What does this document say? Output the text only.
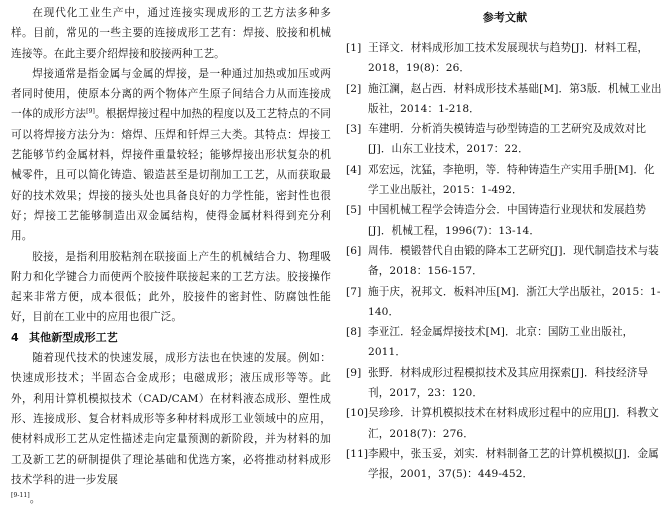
在现代化工业生产中，通过连接实现成形的工艺方法多种多样。目前，常见的一些主要的连接成形工艺有：焊接、胶接和机械连接等。在此主要介绍焊接和胶接两种工艺。

焊接通常是指金属与金属的焊接，是一种通过加热或加压或两者同时使用，使原本分离的两个物体产生原子间结合力从而连接成一体的成形方法[9]。根据焊接过程中加热的程度以及工艺特点的不同可以将焊接方法分为：熔焊、压焊和钎焊三大类。其特点：焊接工艺能够节约金属材料，焊接件重量较轻；能够焊接出形状复杂的机械零件，且可以简化铸造、锻造甚至是切削加工工艺，从而获取最好的技术效果；焊接的接头处也具备良好的力学性能，密封性也很好；焊接工艺能够制造出双金属结构，使得金属材料得到充分利用。

胶接，是指利用胶粘剂在联接面上产生的机械结合力、物理吸附力和化学键合力而使两个胶接件联接起来的工艺方法。胶接操作起来非常方便，成本很低；此外，胶接件的密封性、防腐蚀性能好，目前在工业中的应用也很广泛。

4 其他新型成形工艺

随着现代技术的快速发展，成形方法也在快速的发展。例如：快速成形技术；半固态合金成形；电磁成形；液压成形等等。此外，利用计算机模拟技术（CAD/CAM）在材料液态成形、塑性成形、连接成形、复合材料成形等多种材料成形工业领域中的应用，使材料成形工艺从定性描述走向定量预测的新阶段，并为材料的加工及新工艺的研制提供了理论基础和优选方案，必将推动材料成形技术学科的进一步发展

[9-11]。
参考文献
[1] 王译文．材料成形加工技术发展现状与趋势[J]．材料工程，2018，19(8)：26．
[2] 施江澜，赵占西．材料成形技术基础[M]．第3版．机械工业出版社，2014：1-218．
[3] 车建明．分析消失模铸造与砂型铸造的工艺研究及成效对比[J]．山东工业技术，2017：22．
[4] 邓宏远，沈猛，李艳明，等．特种铸造生产实用手册[M]．化学工业出版社，2015：1-492．
[5] 中国机械工程学会铸造分会．中国铸造行业现状和发展趋势[J]．机械工程，1996(7)：13-14．
[6] 周伟．模锻替代自由锻的降本工艺研究[J]．现代制造技术与装备，2018：156-157．
[7] 施于庆，祝邦文．板料冲压[M]．浙江大学出版社，2015：1-140．
[8] 李亚江．轻金属焊接技术[M]．北京：国防工业出版社，2011．
[9] 张野．材料成形过程模拟技术及其应用探索[J]．科技经济导刊，2017，23：120．
[10] 吴珍珍．计算机模拟技术在材料成形过程中的应用[J]．科教文汇，2018(7)：276．
[11] 李殿中，张玉妥，刘实．材料制备工艺的计算机模拟[J]．金属学报，2001，37(5)：449-452．
